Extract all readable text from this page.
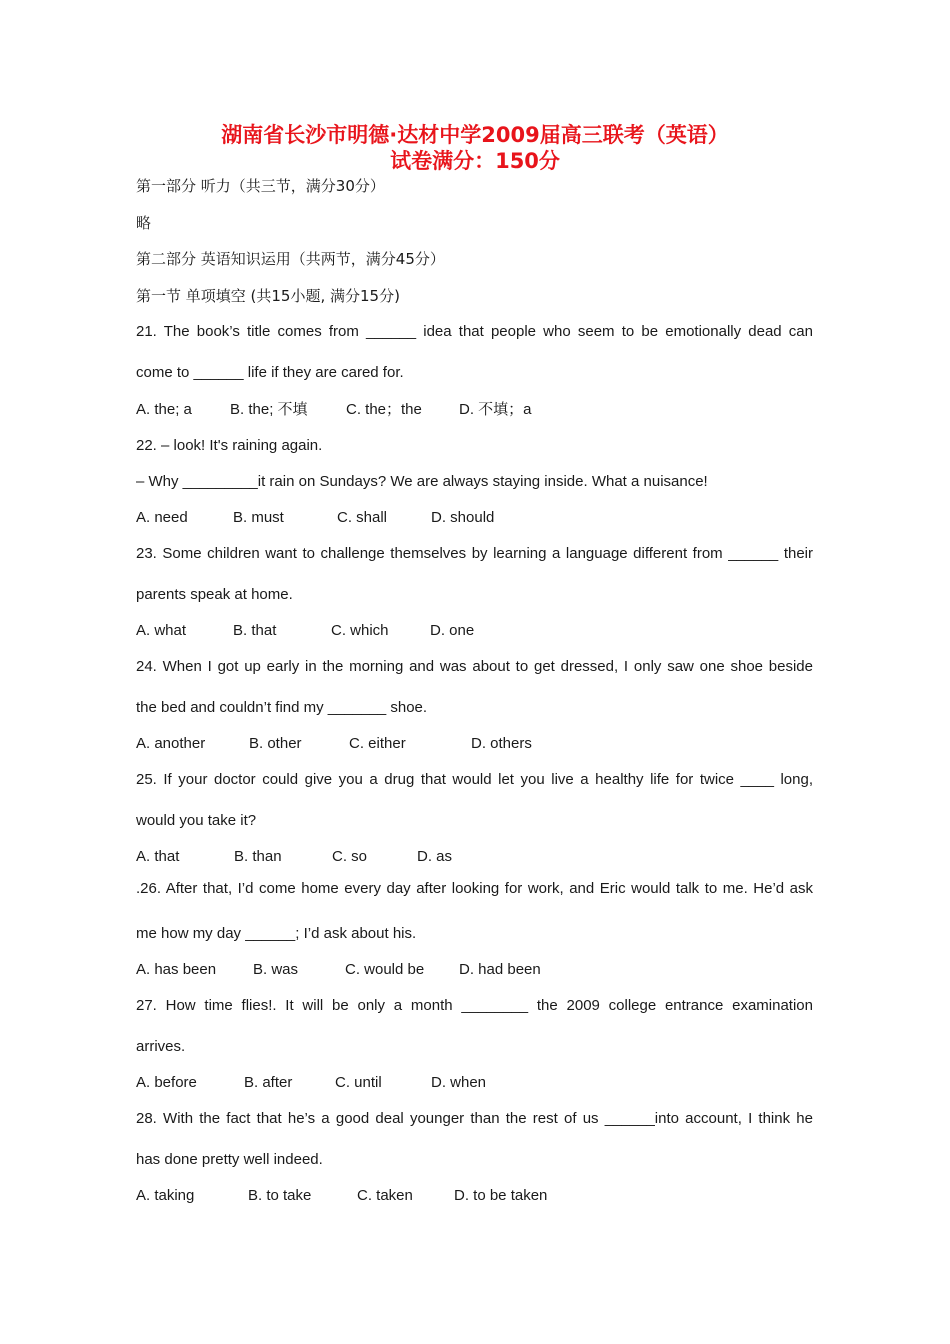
湖南省长沙市明德·达材中学2009届高三联考（英语）
试卷满分：150分
第一部分 听力（共三节，满分30分）
略
第二部分 英语知识运用（共两节，满分45分）
第一节 单项填空 (共15小题, 满分15分)
21. The book’s title comes from ______ idea that people who seem to be emotionally dead can
come to ______ life if they are cared for.
A. the; a	B. the; 不填	C. the；the D. 不填；a
22. – look! It's raining again.
– Why _________it rain on Sundays? We are always staying inside. What a nuisance!
A. need	B. must	C. shall	D. should
23. Some children want to challenge themselves by learning a language different from ______ their
parents speak at home.
A. what	B. that	C. which	D. one
24. When I got up early in the morning and was about to get dressed, I only saw one shoe beside
the bed and couldn’t find my _______ shoe.
A. another	B. other	C. either	D. others
25. If your doctor could give you a drug that would let you live a healthy life for twice ____ long,
would you take it?
A. that	B. than	C. so	D. as
.26. After that, I’d come home every day after looking for work, and Eric would talk to me. He’d ask
me how my day ______; I’d ask about his.
A. has been B. was	C. would be D. had been
27. How time flies!. It will be only a month ________ the 2009 college entrance examination
arrives.
A. before	B. after	C. until	D. when
28. With the fact that he’s a good deal younger than the rest of us ______into account, I think he
has done pretty well indeed.
A. taking	B. to take	C. taken	D. to be taken
